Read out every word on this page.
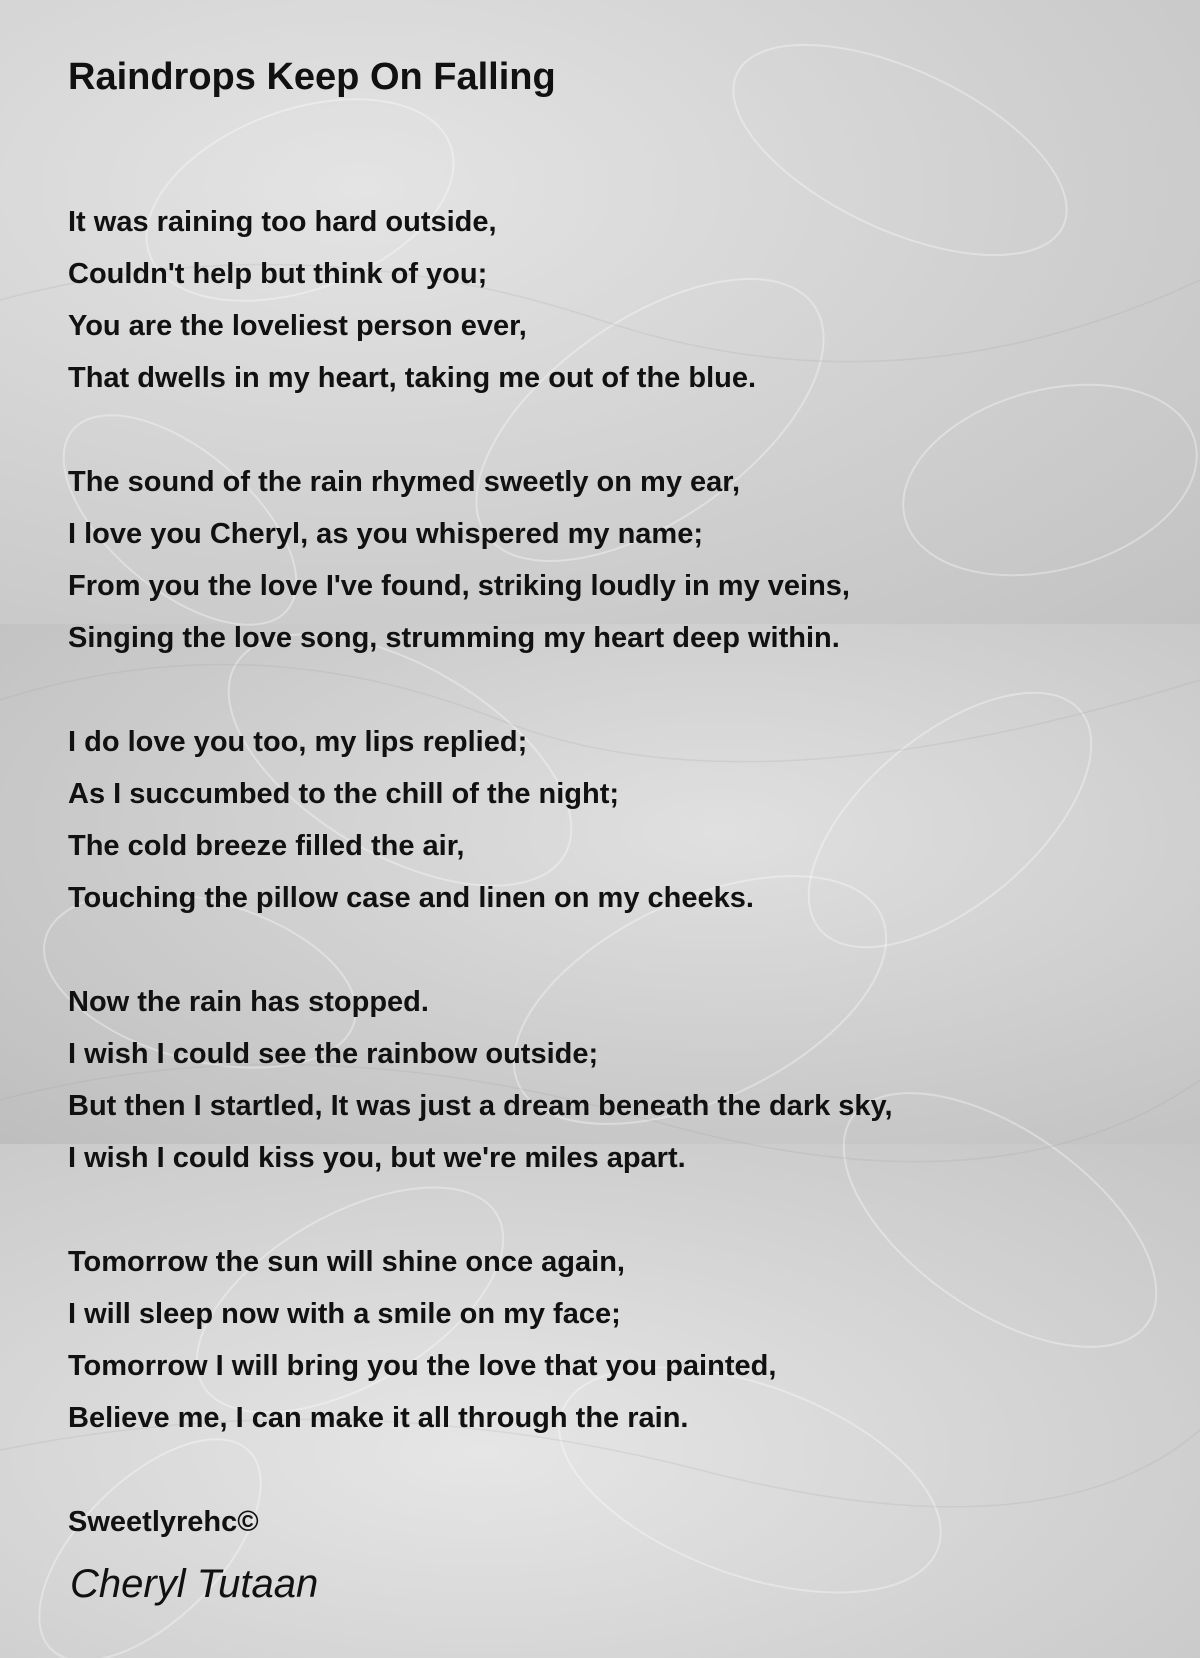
Raindrops Keep On Falling
It was raining too hard outside,
Couldn't help but think of you;
You are the loveliest person ever,
That dwells in my heart, taking me out of the blue.
The sound of the rain rhymed sweetly on my ear,
I love you Cheryl, as you whispered my name;
From you the love I've found, striking loudly in my veins,
Singing the love song, strumming my heart deep within.
I do love you too, my lips replied;
As I succumbed to the chill of the night;
The cold breeze filled the air,
Touching the pillow case and linen on my cheeks.
Now the rain has stopped.
I wish I could see the rainbow outside;
But then I startled, It was just a dream beneath the dark sky,
I wish I could kiss you, but we're miles apart.
Tomorrow the sun will shine once again,
I will sleep now with a smile on my face;
Tomorrow I will bring you the love that you painted,
Believe me, I can make it all through the rain.
Sweetlyrehc©
Cheryl Tutaan
